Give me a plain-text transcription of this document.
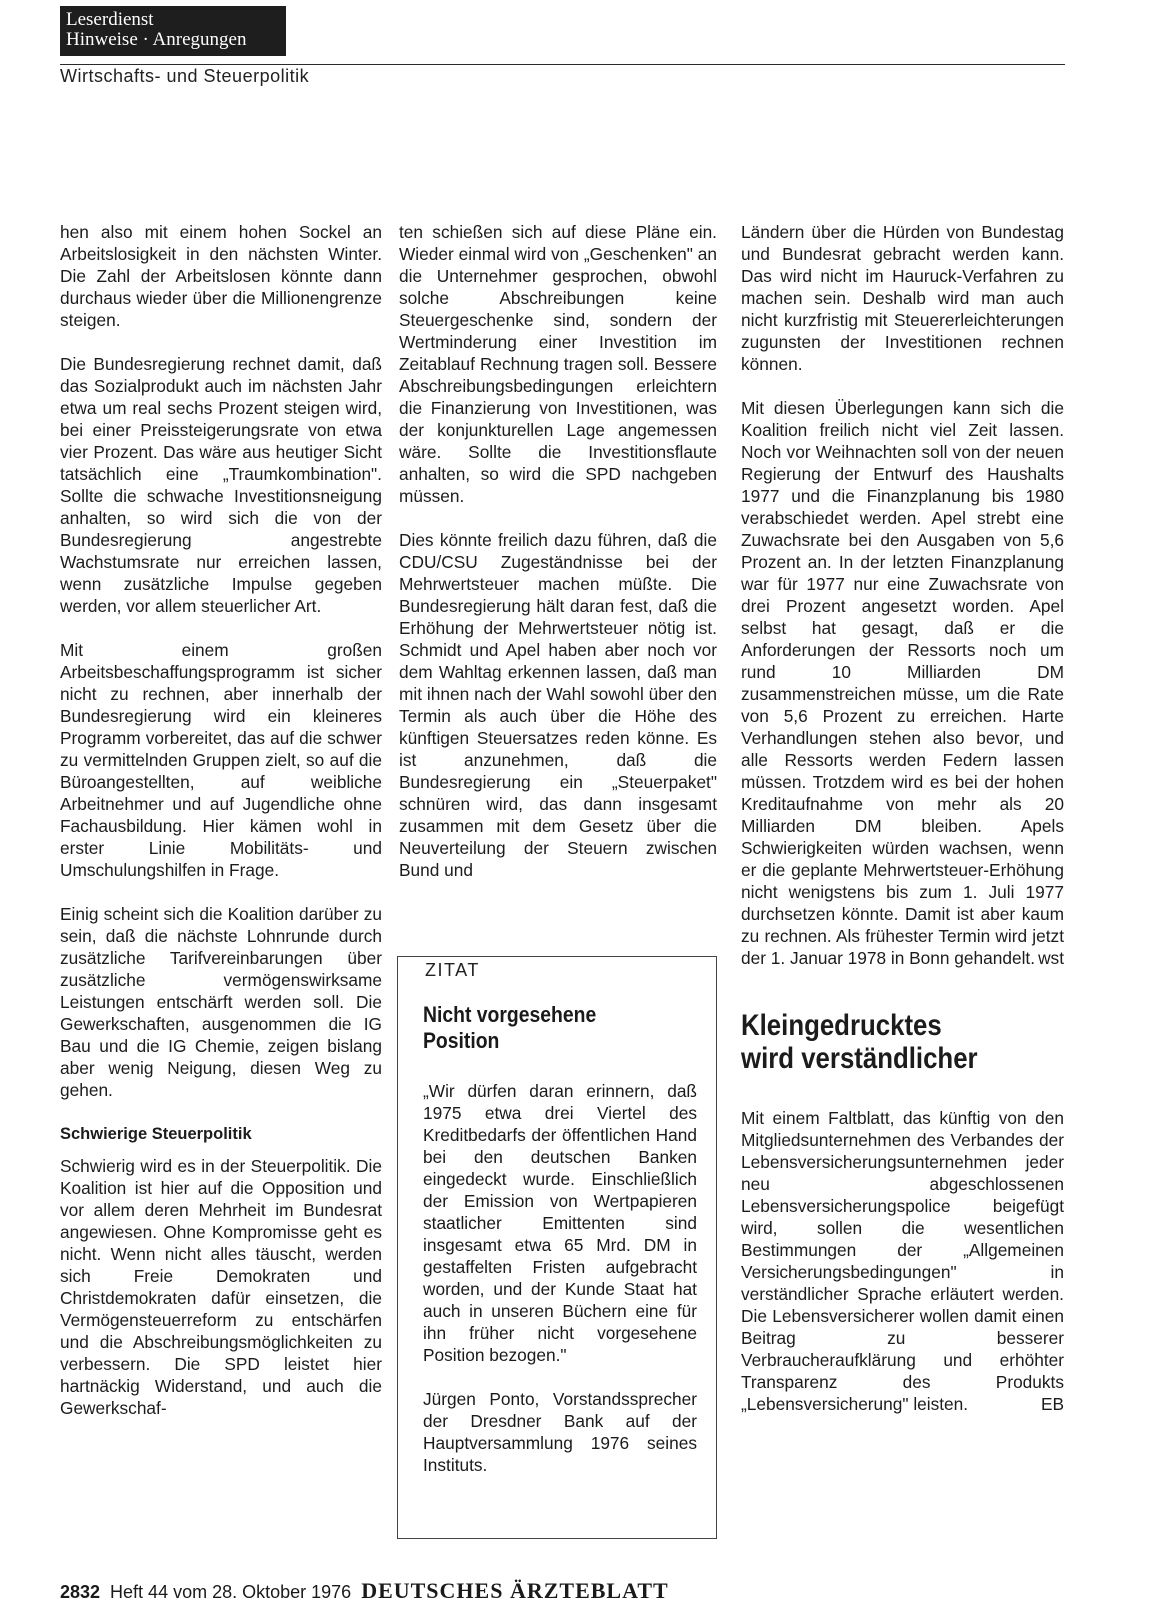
Leserdienst
Hinweise · Anregungen
Wirtschafts- und Steuerpolitik

hen also mit einem hohen Sockel an Arbeitslosigkeit in den nächsten Winter. Die Zahl der Arbeitslosen könnte dann durchaus wieder über die Millionengrenze steigen.

Die Bundesregierung rechnet damit, daß das Sozialprodukt auch im nächsten Jahr etwa um real sechs Prozent steigen wird, bei einer Preissteigerungsrate von etwa vier Prozent. Das wäre aus heutiger Sicht tatsächlich eine „Traumkombination". Sollte die schwache Investitionsneigung anhalten, so wird sich die von der Bundesregierung angestrebte Wachstumsrate nur erreichen lassen, wenn zusätzliche Impulse gegeben werden, vor allem steuerlicher Art.

Mit einem großen Arbeitsbeschaffungsprogramm ist sicher nicht zu rechnen, aber innerhalb der Bundesregierung wird ein kleineres Programm vorbereitet, das auf die schwer zu vermittelnden Gruppen zielt, so auf die Büroangestellten, auf weibliche Arbeitnehmer und auf Jugendliche ohne Fachausbildung. Hier kämen wohl in erster Linie Mobilitäts- und Umschulungshilfen in Frage.

Einig scheint sich die Koalition darüber zu sein, daß die nächste Lohnrunde durch zusätzliche Tarifvereinbarungen über zusätzliche vermögenswirksame Leistungen entschärft werden soll. Die Gewerkschaften, ausgenommen die IG Bau und die IG Chemie, zeigen bislang aber wenig Neigung, diesen Weg zu gehen.

Schwierige Steuerpolitik

Schwierig wird es in der Steuerpolitik. Die Koalition ist hier auf die Opposition und vor allem deren Mehrheit im Bundesrat angewiesen. Ohne Kompromisse geht es nicht. Wenn nicht alles täuscht, werden sich Freie Demokraten und Christdemokraten dafür einsetzen, die Vermögensteuerreform zu entschärfen und die Abschreibungsmöglichkeiten zu verbessern. Die SPD leistet hier hartnäckig Widerstand, und auch die Gewerkschaf-

ten schießen sich auf diese Pläne ein. Wieder einmal wird von „Geschenken" an die Unternehmer gesprochen, obwohl solche Abschreibungen keine Steuergeschenke sind, sondern der Wertminderung einer Investition im Zeitablauf Rechnung tragen soll. Bessere Abschreibungsbedingungen erleichtern die Finanzierung von Investitionen, was der konjunkturellen Lage angemessen wäre. Sollte die Investitionsflaute anhalten, so wird die SPD nachgeben müssen.

Dies könnte freilich dazu führen, daß die CDU/CSU Zugeständnisse bei der Mehrwertsteuer machen müßte. Die Bundesregierung hält daran fest, daß die Erhöhung der Mehrwertsteuer nötig ist. Schmidt und Apel haben aber noch vor dem Wahltag erkennen lassen, daß man mit ihnen nach der Wahl sowohl über den Termin als auch über die Höhe des künftigen Steuersatzes reden könne. Es ist anzunehmen, daß die Bundesregierung ein „Steuerpaket" schnüren wird, das dann insgesamt zusammen mit dem Gesetz über die Neuverteilung der Steuern zwischen Bund und

ZITAT
Nicht vorgesehene
Position

„Wir dürfen daran erinnern, daß 1975 etwa drei Viertel des Kreditbedarfs der öffentlichen Hand bei den deutschen Banken eingedeckt wurde. Einschließlich der Emission von Wertpapieren staatlicher Emittenten sind insgesamt etwa 65 Mrd. DM in gestaffelten Fristen aufgebracht worden, und der Kunde Staat hat auch in unseren Büchern eine für ihn früher nicht vorgesehene Position bezogen."

Jürgen Ponto, Vorstandssprecher der Dresdner Bank auf der Hauptversammlung 1976 seines Instituts.

Ländern über die Hürden von Bundestag und Bundesrat gebracht werden kann. Das wird nicht im Hauruck-Verfahren zu machen sein. Deshalb wird man auch nicht kurzfristig mit Steuererleichterungen zugunsten der Investitionen rechnen können.

Mit diesen Überlegungen kann sich die Koalition freilich nicht viel Zeit lassen. Noch vor Weihnachten soll von der neuen Regierung der Entwurf des Haushalts 1977 und die Finanzplanung bis 1980 verabschiedet werden. Apel strebt eine Zuwachsrate bei den Ausgaben von 5,6 Prozent an. In der letzten Finanzplanung war für 1977 nur eine Zuwachsrate von drei Prozent angesetzt worden. Apel selbst hat gesagt, daß er die Anforderungen der Ressorts noch um rund 10 Milliarden DM zusammenstreichen müsse, um die Rate von 5,6 Prozent zu erreichen. Harte Verhandlungen stehen also bevor, und alle Ressorts werden Federn lassen müssen. Trotzdem wird es bei der hohen Kreditaufnahme von mehr als 20 Milliarden DM bleiben. Apels Schwierigkeiten würden wachsen, wenn er die geplante Mehrwertsteuer-Erhöhung nicht wenigstens bis zum 1. Juli 1977 durchsetzen könnte. Damit ist aber kaum zu rechnen. Als frühester Termin wird jetzt der 1. Januar 1978 in Bonn gehandelt. wst

Kleingedrucktes
wird verständlicher

Mit einem Faltblatt, das künftig von den Mitgliedsunternehmen des Verbandes der Lebensversicherungsunternehmen jeder neu abgeschlossenen Lebensversicherungspolice beigefügt wird, sollen die wesentlichen Bestimmungen der „Allgemeinen Versicherungsbedingungen" in verständlicher Sprache erläutert werden. Die Lebensversicherer wollen damit einen Beitrag zu besserer Verbraucheraufklärung und erhöhter Transparenz des Produkts „Lebensversicherung" leisten.	EB

2832 Heft 44 vom 28. Oktober 1976 DEUTSCHES ÄRZTEBLATT
